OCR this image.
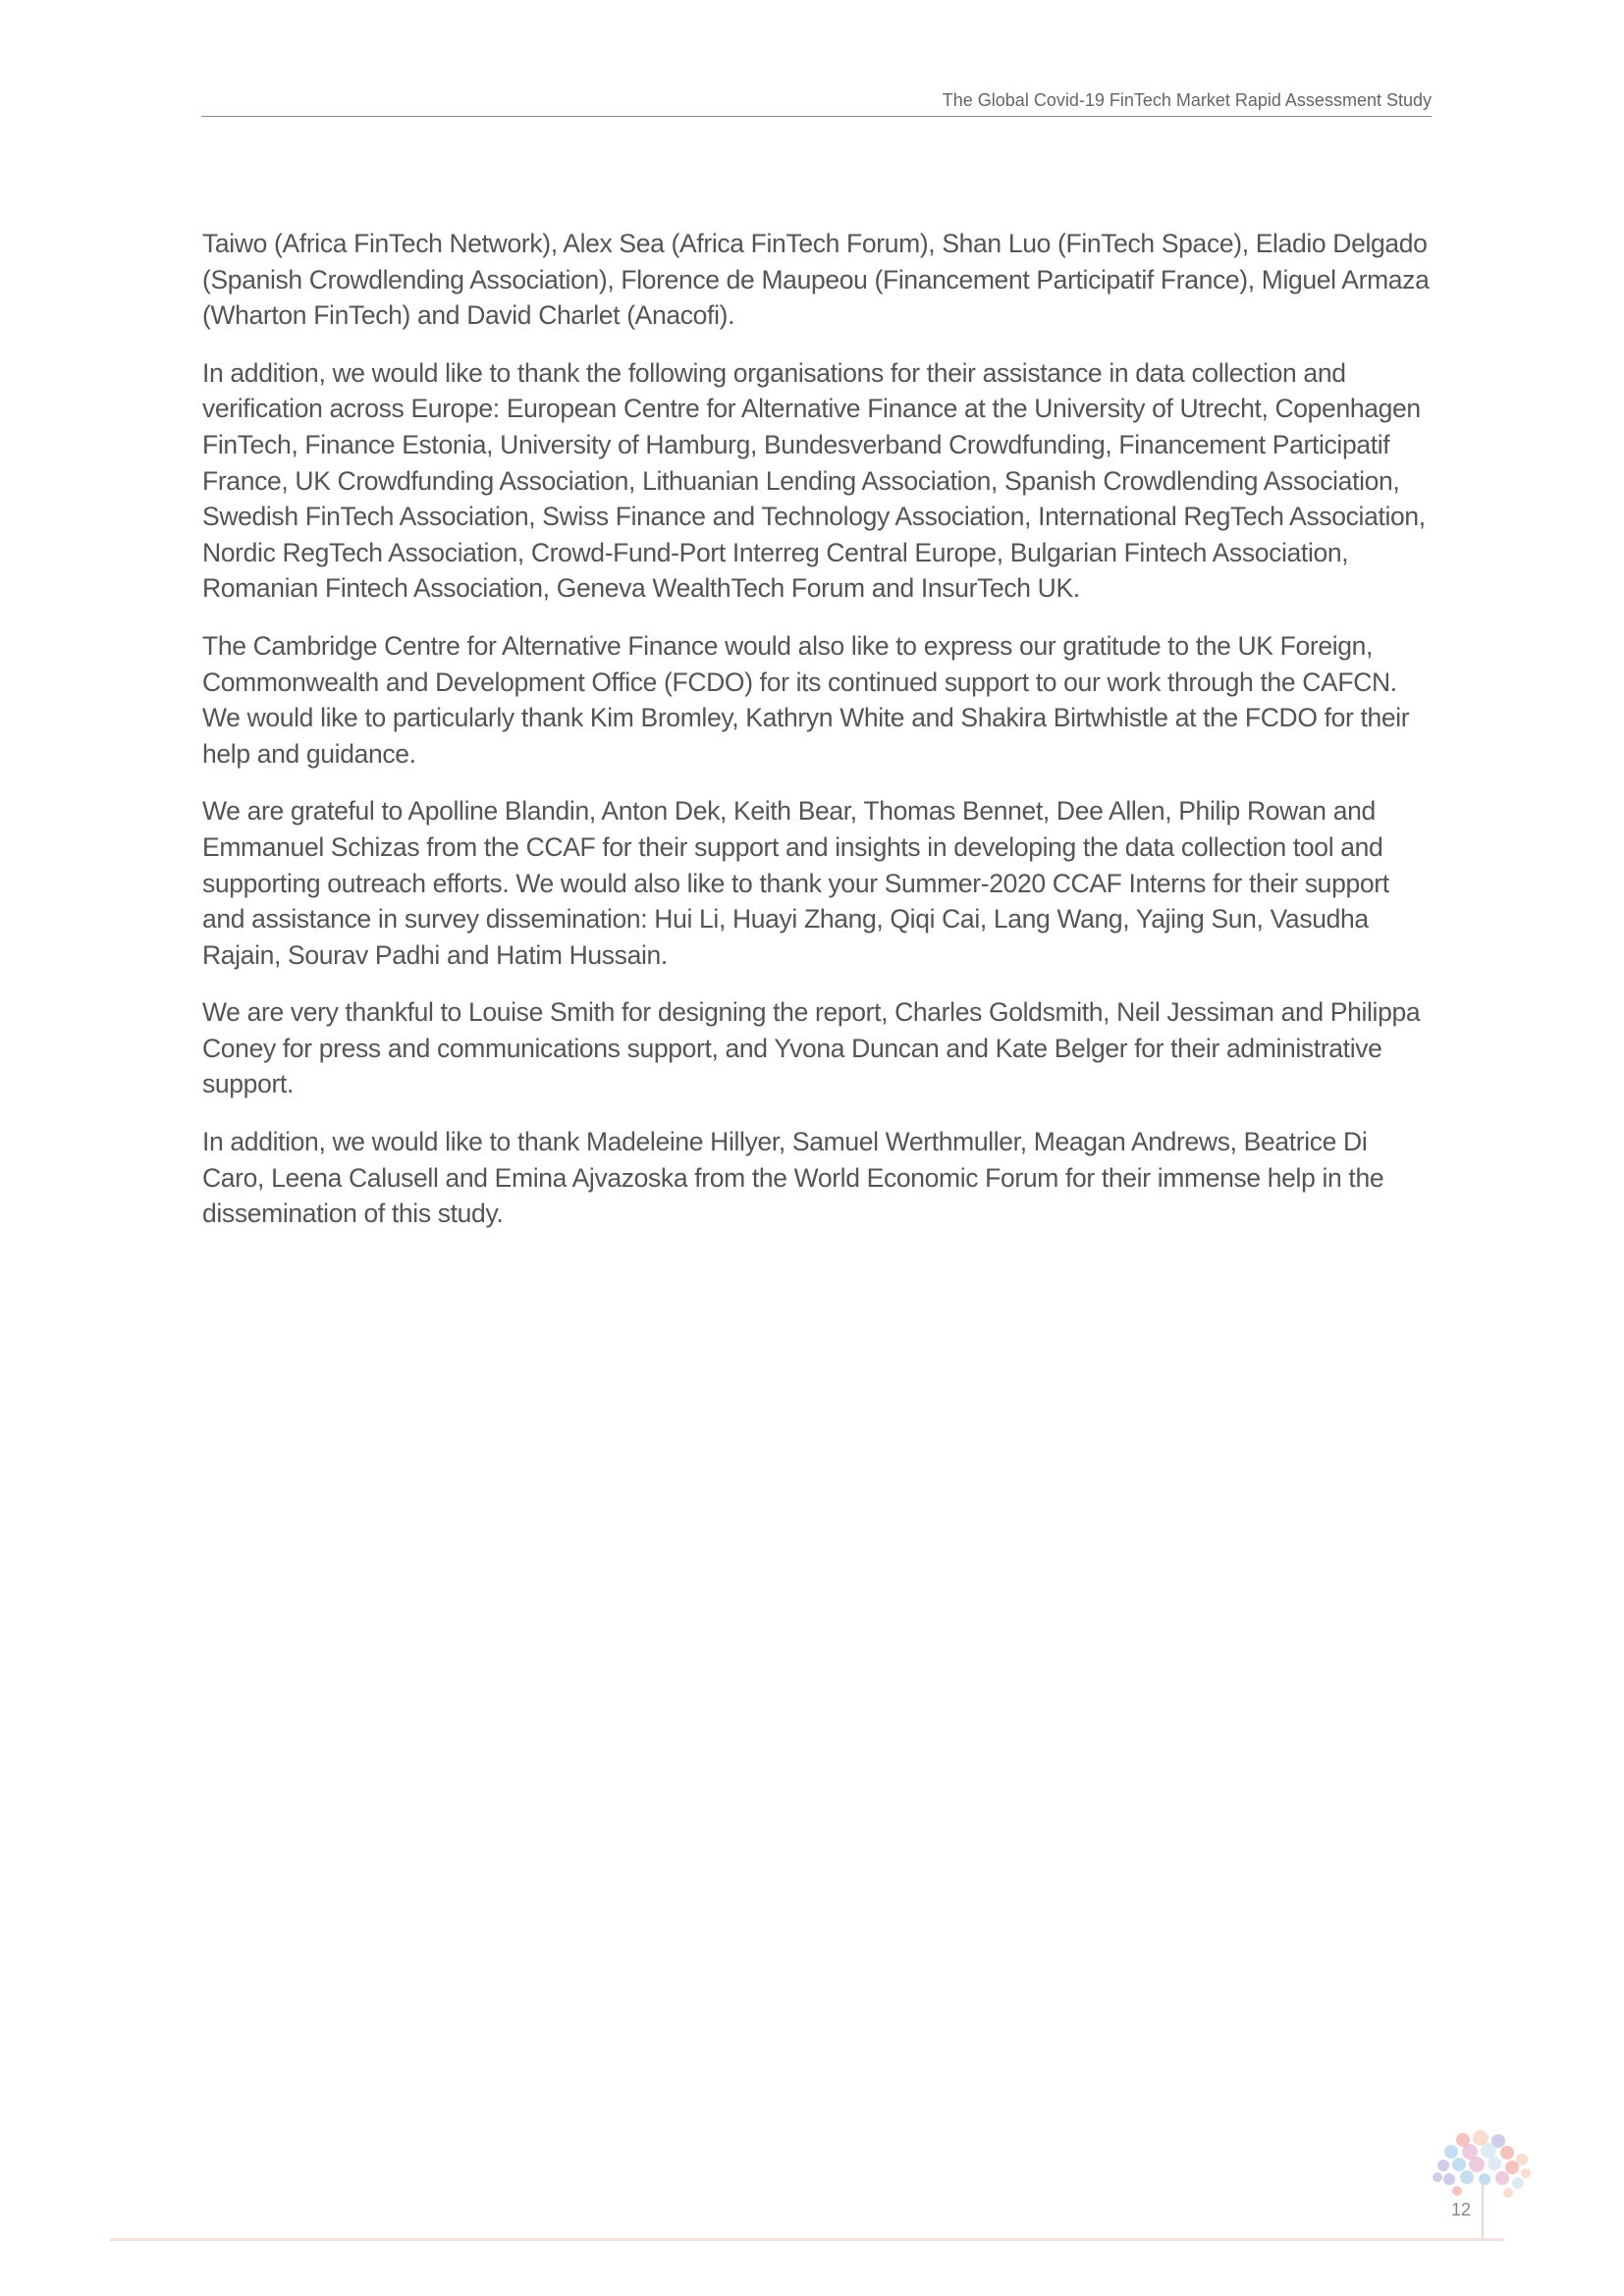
The Global Covid-19 FinTech Market Rapid Assessment Study

Taiwo (Africa FinTech Network), Alex Sea (Africa FinTech Forum), Shan Luo (FinTech Space), Eladio Delgado (Spanish Crowdlending Association), Florence de Maupeou (Financement Participatif France), Miguel Armaza (Wharton FinTech) and David Charlet (Anacofi).

In addition, we would like to thank the following organisations for their assistance in data collection and verification across Europe: European Centre for Alternative Finance at the University of Utrecht, Copenhagen FinTech, Finance Estonia, University of Hamburg, Bundesverband Crowdfunding, Financement Participatif France, UK Crowdfunding Association, Lithuanian Lending Association, Spanish Crowdlending Association, Swedish FinTech Association, Swiss Finance and Technology Association, International RegTech Association, Nordic RegTech Association, Crowd-Fund-Port Interreg Central Europe, Bulgarian Fintech Association, Romanian Fintech Association, Geneva WealthTech Forum and InsurTech UK.

The Cambridge Centre for Alternative Finance would also like to express our gratitude to the UK Foreign, Commonwealth and Development Office (FCDO) for its continued support to our work through the CAFCN. We would like to particularly thank Kim Bromley, Kathryn White and Shakira Birtwhistle at the FCDO for their help and guidance.

We are grateful to Apolline Blandin, Anton Dek, Keith Bear, Thomas Bennet, Dee Allen, Philip Rowan and Emmanuel Schizas from the CCAF for their support and insights in developing the data collection tool and supporting outreach efforts. We would also like to thank your Summer-2020 CCAF Interns for their support and assistance in survey dissemination: Hui Li, Huayi Zhang, Qiqi Cai, Lang Wang, Yajing Sun, Vasudha Rajain, Sourav Padhi and Hatim Hussain.

We are very thankful to Louise Smith for designing the report, Charles Goldsmith, Neil Jessiman and Philippa Coney for press and communications support, and Yvona Duncan and Kate Belger for their administrative support.

In addition, we would like to thank Madeleine Hillyer, Samuel Werthmuller, Meagan Andrews, Beatrice Di Caro, Leena Calusell and Emina Ajvazoska from the World Economic Forum for their immense help in the dissemination of this study.

12
